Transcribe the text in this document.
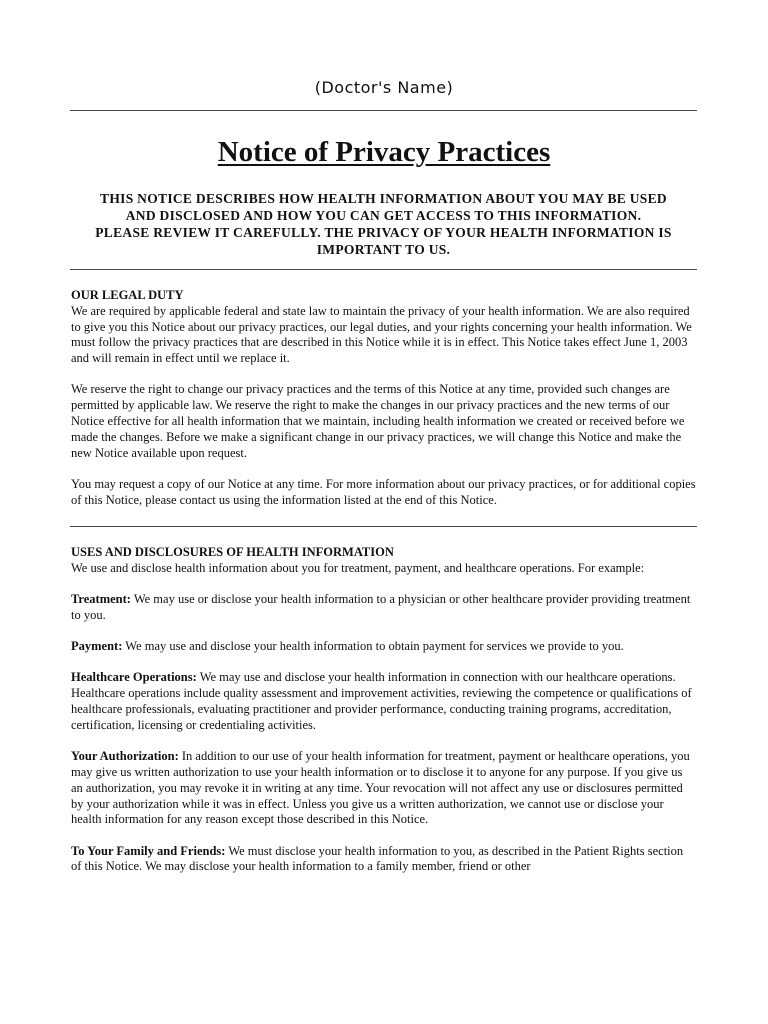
(Doctor's Name)
Notice of Privacy Practices
THIS NOTICE DESCRIBES HOW HEALTH INFORMATION ABOUT YOU MAY BE USED
AND DISCLOSED AND HOW YOU CAN GET ACCESS TO THIS INFORMATION.
PLEASE REVIEW IT CAREFULLY. THE PRIVACY OF YOUR HEALTH INFORMATION IS
IMPORTANT TO US.

OUR LEGAL DUTY

We are required by applicable federal and state law to maintain the privacy of your health information. We are also required to give you this Notice about our privacy practices, our legal duties, and your rights concerning your health information. We must follow the privacy practices that are described in this Notice while it is in effect. This Notice takes effect June 1, 2003 and will remain in effect until we replace it.

We reserve the right to change our privacy practices and the terms of this Notice at any time, provided such changes are permitted by applicable law. We reserve the right to make the changes in our privacy practices and the new terms of our Notice effective for all health information that we maintain, including health information we created or received before we made the changes. Before we make a significant change in our privacy practices, we will change this Notice and make the new Notice available upon request.

You may request a copy of our Notice at any time. For more information about our privacy practices, or for additional copies of this Notice, please contact us using the information listed at the end of this Notice.

USES AND DISCLOSURES OF HEALTH INFORMATION

We use and disclose health information about you for treatment, payment, and healthcare operations. For example:

Treatment: We may use or disclose your health information to a physician or other healthcare provider providing treatment to you.

Payment: We may use and disclose your health information to obtain payment for services we provide to you.

Healthcare Operations: We may use and disclose your health information in connection with our healthcare operations. Healthcare operations include quality assessment and improvement activities, reviewing the competence or qualifications of healthcare professionals, evaluating practitioner and provider performance, conducting training programs, accreditation, certification, licensing or credentialing activities.

Your Authorization: In addition to our use of your health information for treatment, payment or healthcare operations, you may give us written authorization to use your health information or to disclose it to anyone for any purpose. If you give us an authorization, you may revoke it in writing at any time. Your revocation will not affect any use or disclosures permitted by your authorization while it was in effect. Unless you give us a written authorization, we cannot use or disclose your health information for any reason except those described in this Notice.

To Your Family and Friends: We must disclose your health information to you, as described in the Patient Rights section of this Notice. We may disclose your health information to a family member, friend or other
